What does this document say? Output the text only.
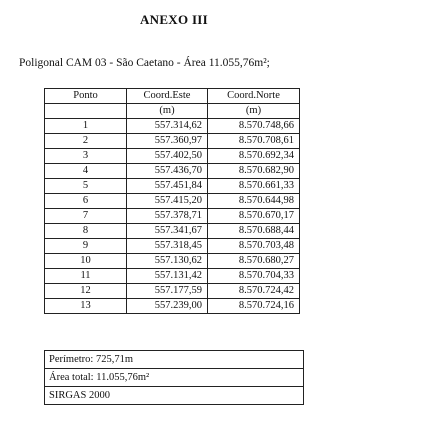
ANEXO III
Poligonal CAM 03 - São Caetano - Área 11.055,76m²;
Ponto	Coord.Este	Coord.Norte
	(m)	(m)
1	557.314,62	8.570.748,66
2	557.360,97	8.570.708,61
3	557.402,50	8.570.692,34
4	557.436,70	8.570.682,90
5	557.451,84	8.570.661,33
6	557.415,20	8.570.644,98
7	557.378,71	8.570.670,17
8	557.341,67	8.570.688,44
9	557.318,45	8.570.703,48
10	557.130,62	8.570.680,27
11	557.131,42	8.570.704,33
12	557.177,59	8.570.724,42
13	557.239,00	8.570.724,16
Perímetro: 725,71m
Área total: 11.055,76m²
SIRGAS 2000
